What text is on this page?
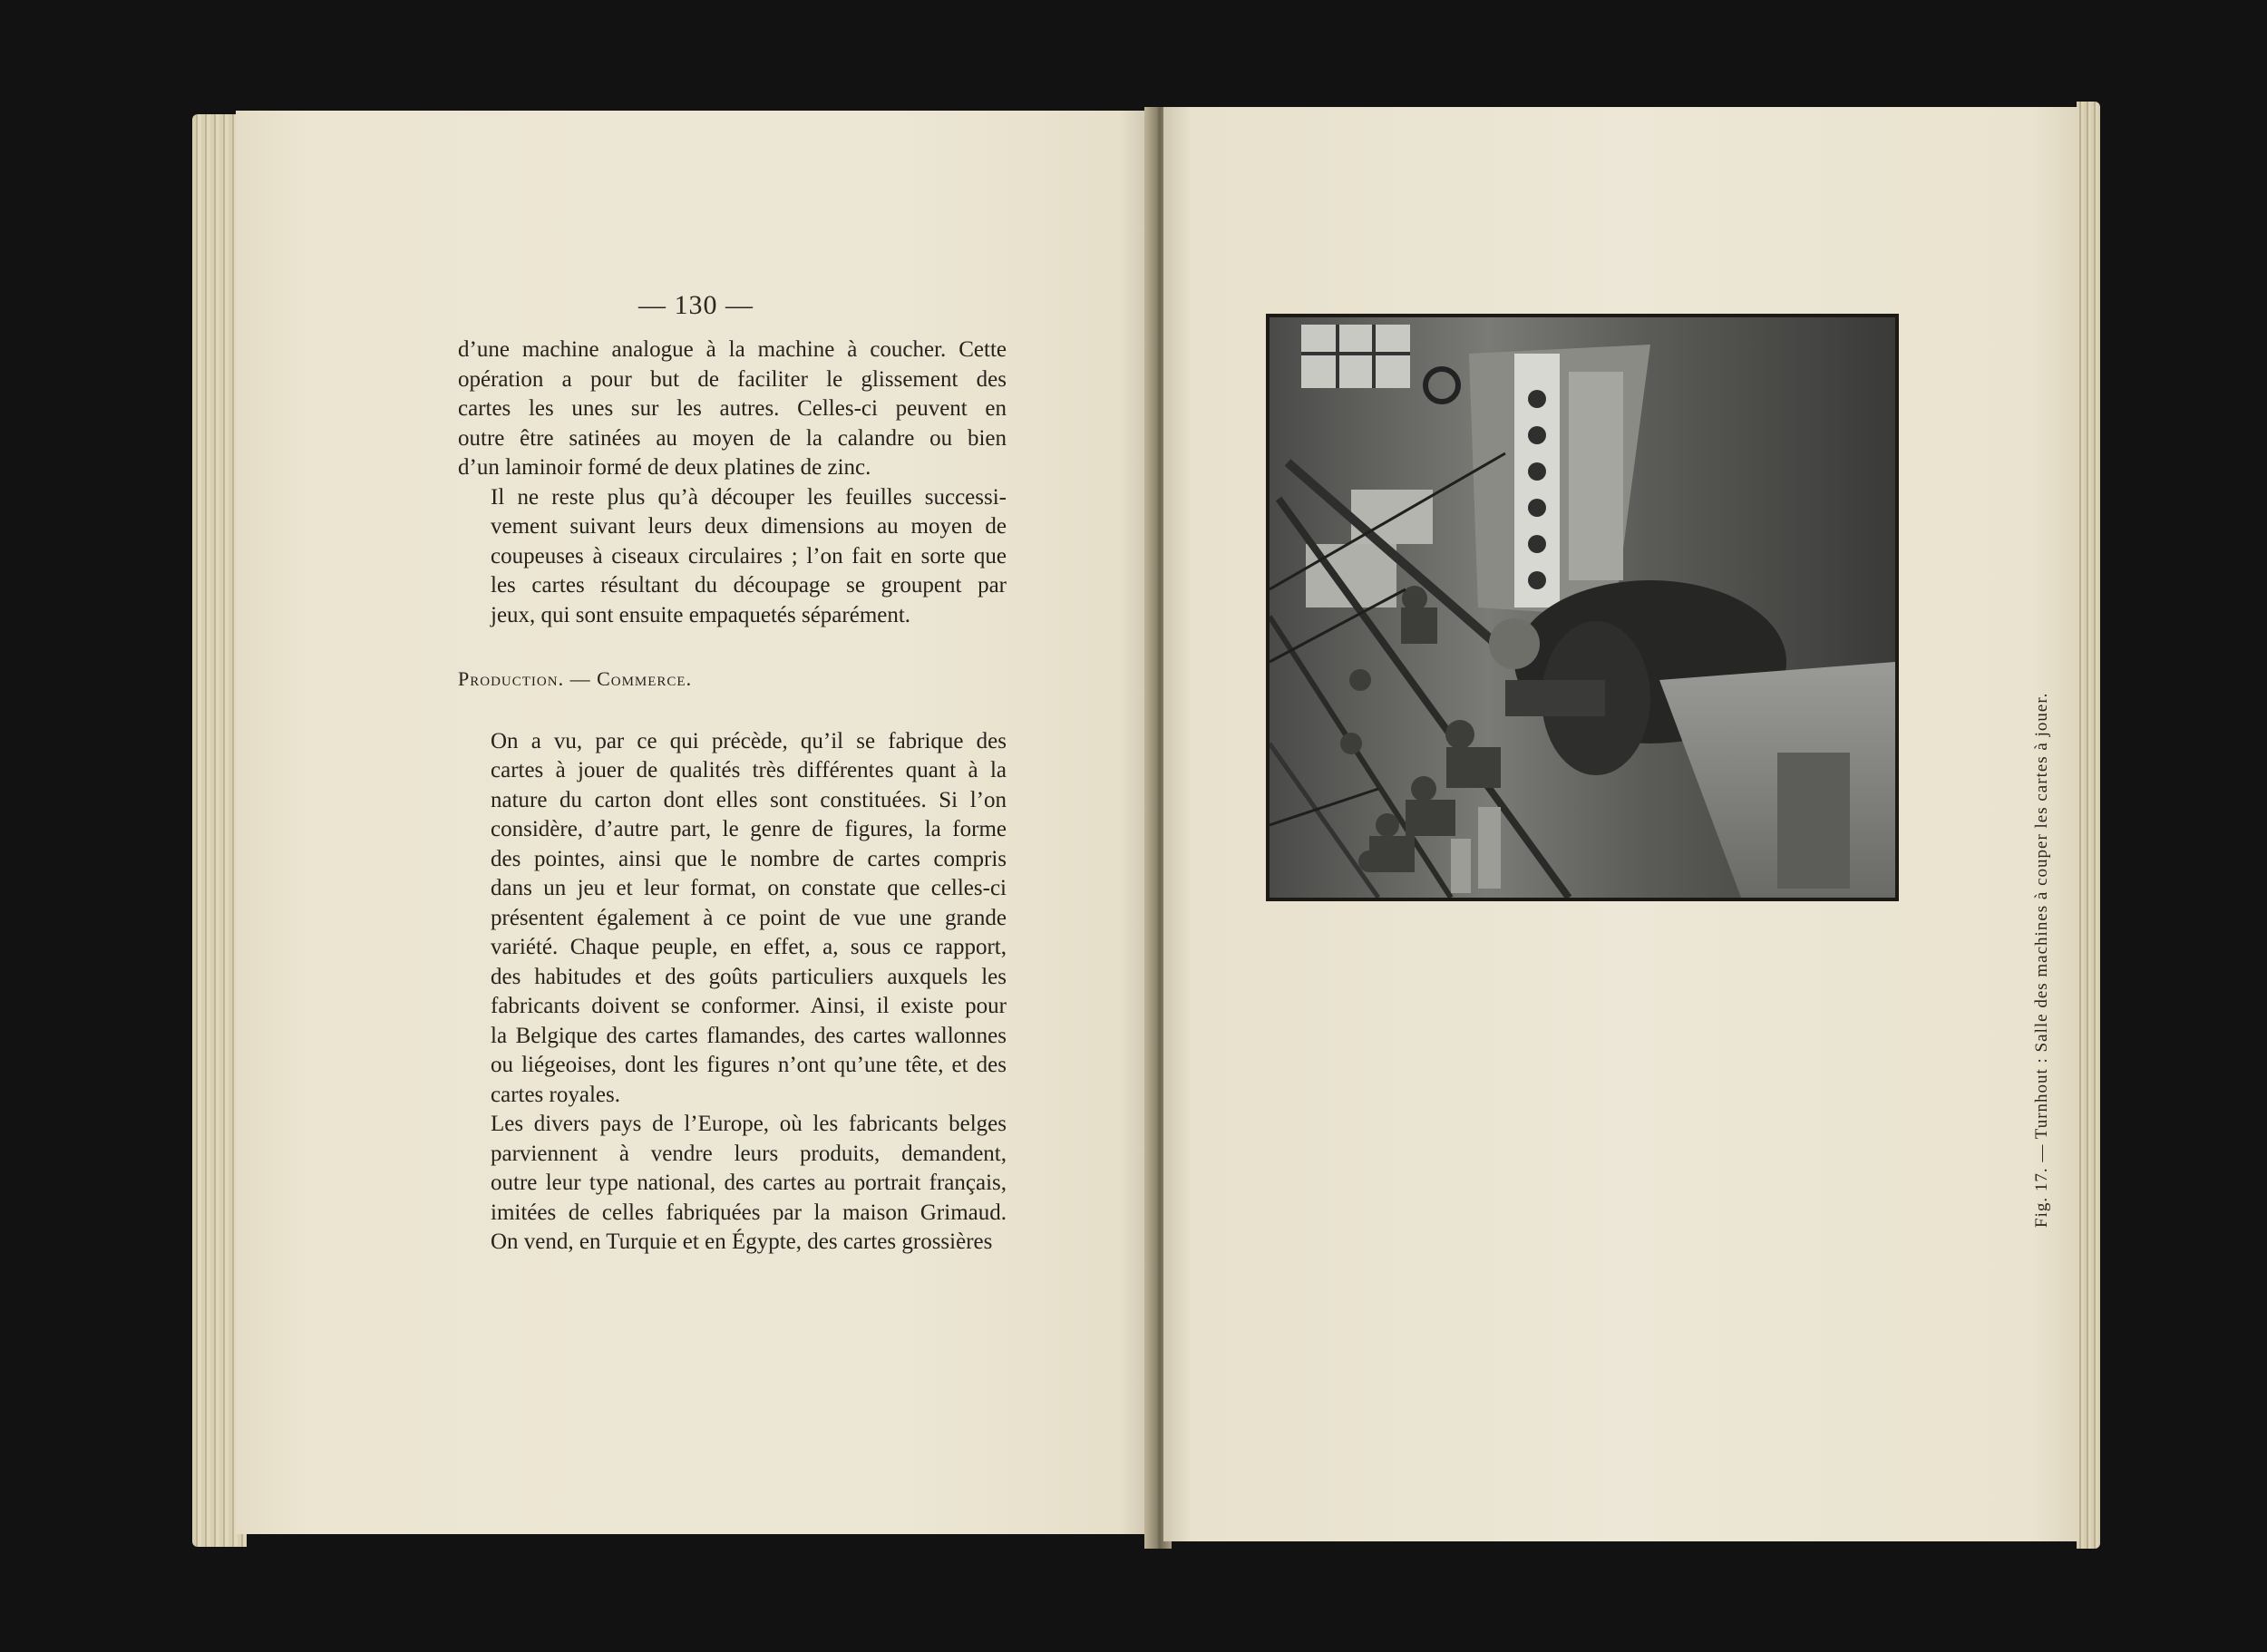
— 130 —

d’une machine analogue à la machine à coucher. Cette
opération a pour but de faciliter le glissement des
cartes les unes sur les autres. Celles-ci peuvent en
outre être satinées au moyen de la calandre ou bien
d’un laminoir formé de deux platines de zinc.

Il ne reste plus qu’à découper les feuilles successi-
vement suivant leurs deux dimensions au moyen de
coupeuses à ciseaux circulaires ; l’on fait en sorte que
les cartes résultant du découpage se groupent par
jeux, qui sont ensuite empaquetés séparément.

Production. — Commerce.

On a vu, par ce qui précède, qu’il se fabrique des
cartes à jouer de qualités très différentes quant à la
nature du carton dont elles sont constituées. Si l’on
considère, d’autre part, le genre de figures, la forme
des pointes, ainsi que le nombre de cartes compris
dans un jeu et leur format, on constate que celles-ci
présentent également à ce point de vue une grande
variété. Chaque peuple, en effet, a, sous ce rapport,
des habitudes et des goûts particuliers auxquels les
fabricants doivent se conformer. Ainsi, il existe pour
la Belgique des cartes flamandes, des cartes wallonnes
ou liégeoises, dont les figures n’ont qu’une tête, et des
cartes royales.

Les divers pays de l’Europe, où les fabricants belges
parviennent à vendre leurs produits, demandent,
outre leur type national, des cartes au portrait français,
imitées de celles fabriquées par la maison Grimaud.
On vend, en Turquie et en Égypte, des cartes grossières

Fig. 17. — Turnhout : Salle des machines à couper les cartes à jouer.
